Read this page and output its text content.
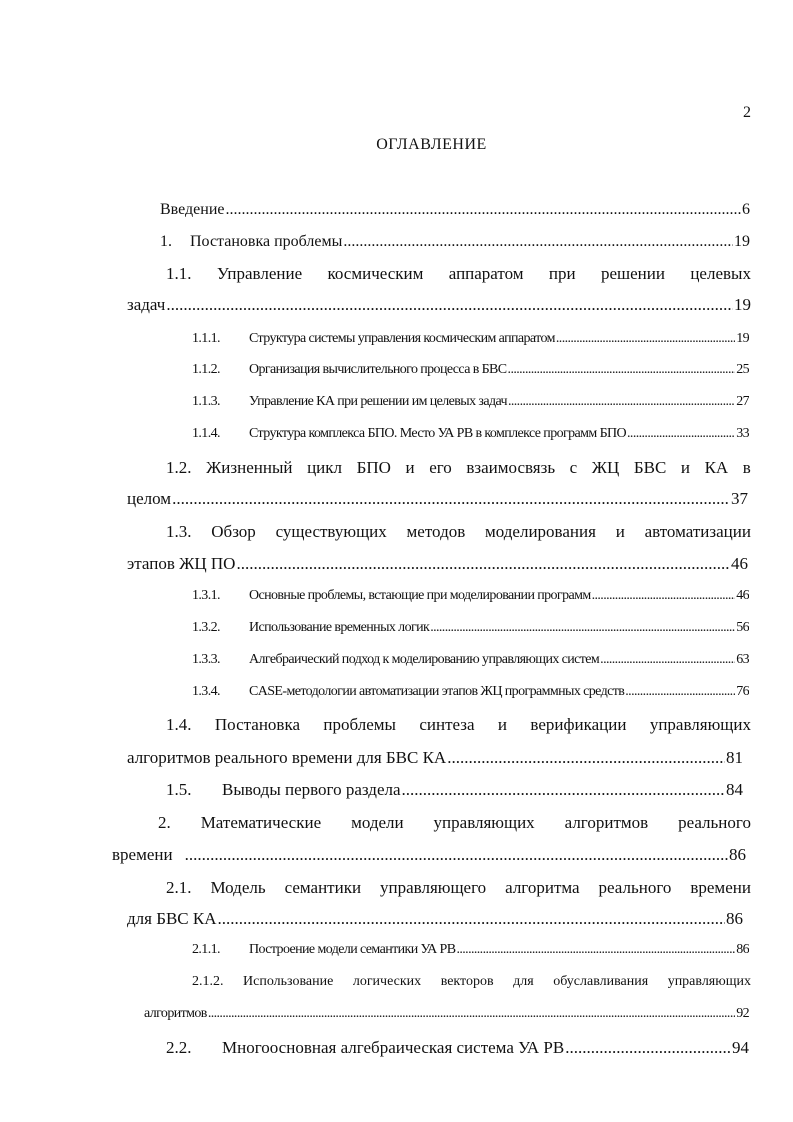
2
ОГЛАВЛЕНИЕ
Введение .....	6
1.	Постановка проблемы .....	19
1.1. Управление космическим аппаратом при решении целевых
задач .....	19
1.1.1.	Структура системы управления космическим аппаратом .....	19
1.1.2.	Организация вычислительного процесса в БВС .....	25
1.1.3.	Управление КА при решении им целевых задач .....	27
1.1.4.	Структура комплекса БПО. Место УА РВ в комплексе программ БПО .....	33
1.2. Жизненный цикл БПО и его взаимосвязь с ЖЦ БВС и КА в
целом .....	37
1.3. Обзор существующих методов моделирования и автоматизации
этапов ЖЦ ПО .....	46
1.3.1.	Основные проблемы, встающие при моделировании программ .....	46
1.3.2.	Использование временных логик .....	56
1.3.3.	Алгебраический подход к моделированию управляющих систем .....	63
1.3.4.	CASE-методологии автоматизации этапов ЖЦ программных средств .....	76
1.4. Постановка проблемы синтеза и верификации управляющих
алгоритмов реального времени для БВС КА .....	81
1.5.	Выводы первого раздела .....	84
2. Математические модели управляющих алгоритмов реального
времени .....	86
2.1. Модель семантики управляющего алгоритма реального времени
для БВС КА .....	86
2.1.1.	Построение модели семантики УА РВ .....	86
2.1.2. Использование логических векторов для обуславливания управляющих
алгоритмов .....	92
2.2.	Многоосновная алгебраическая система УА РВ .....	94
